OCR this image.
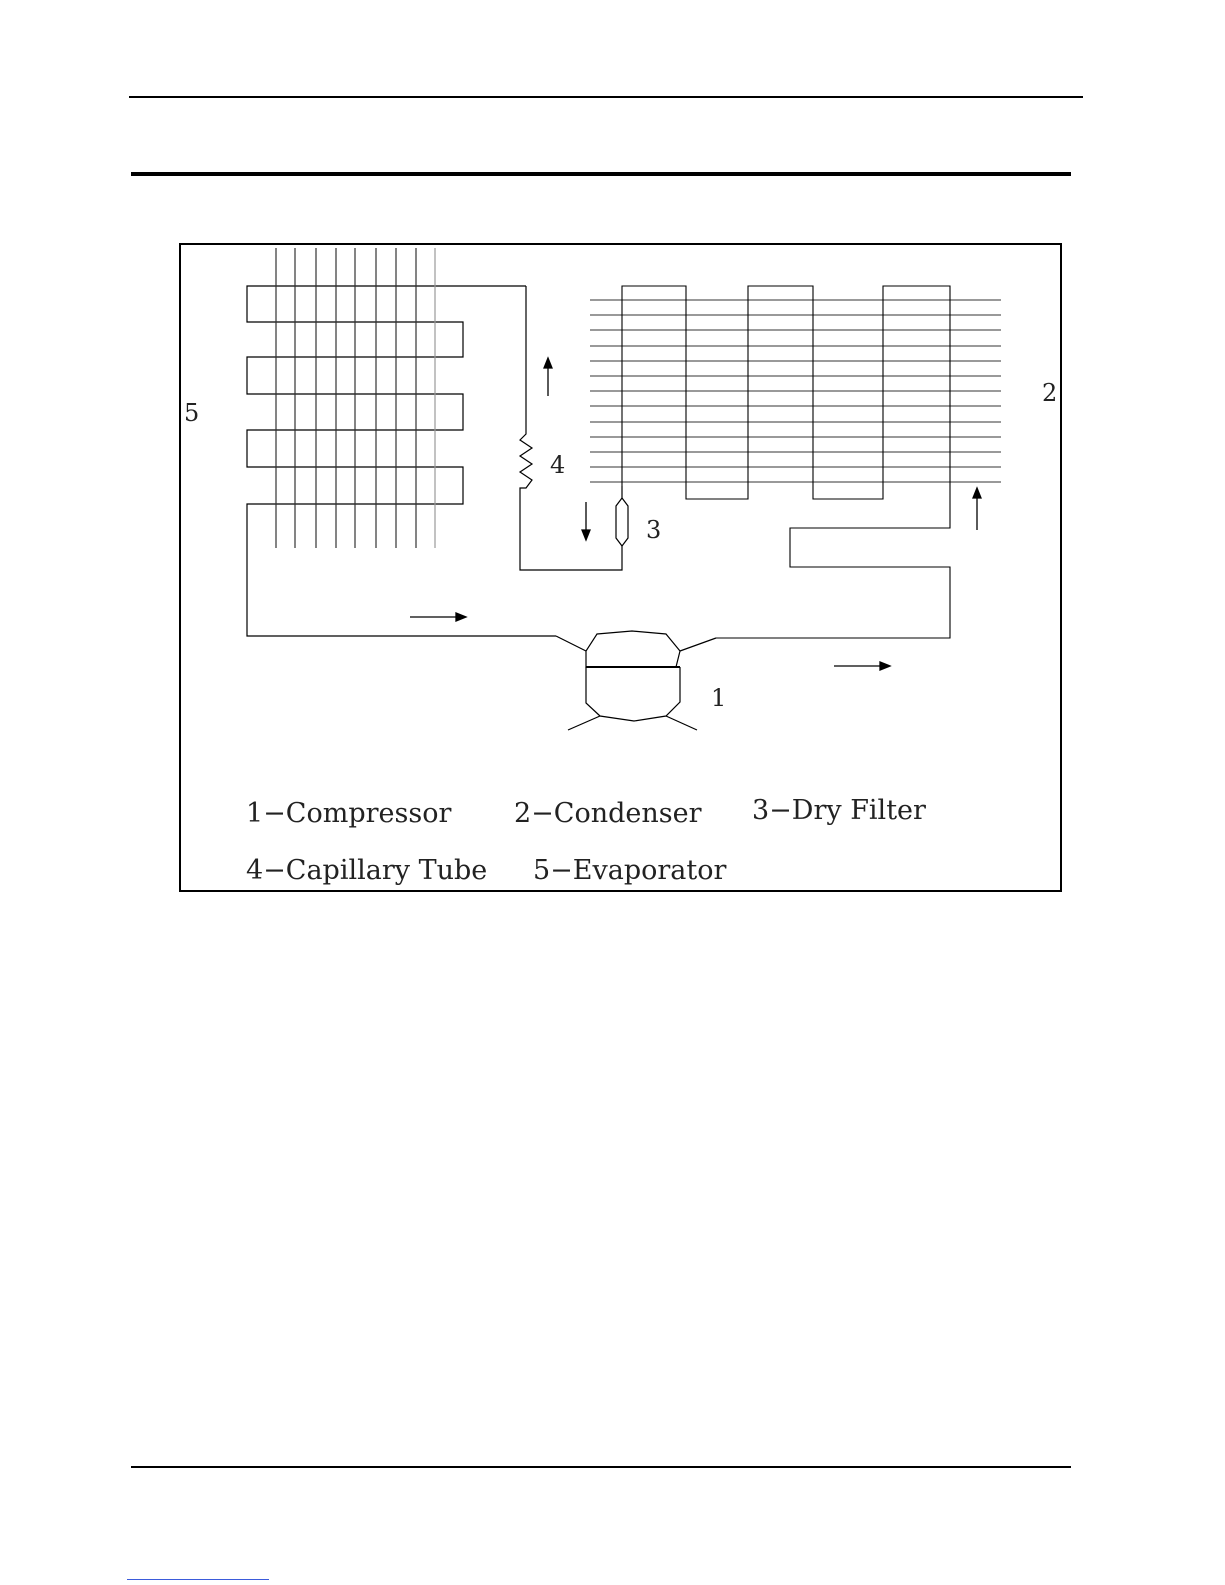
5
2
4
3
1
1−Compressor 2−Condenser 3−Dry Filter
4−Capillary Tube 5−Evaporator
